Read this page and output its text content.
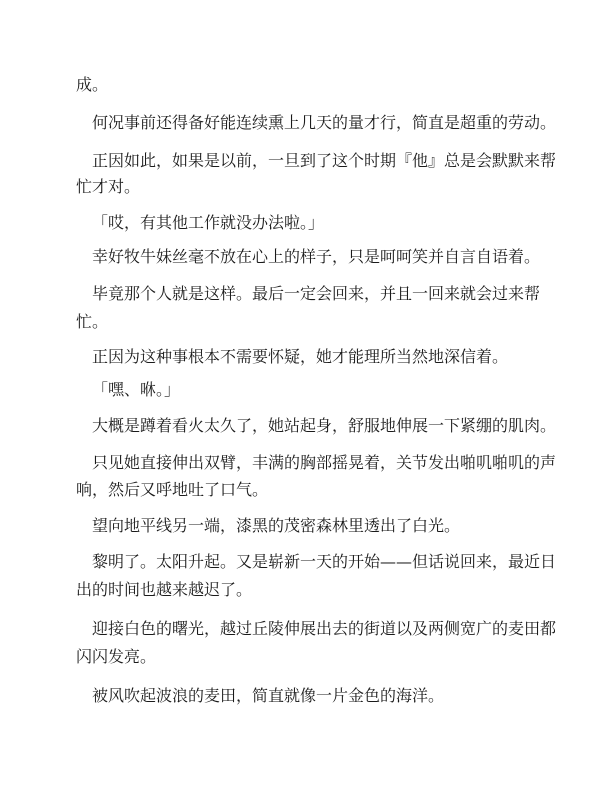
成。

何况事前还得备好能连续熏上几天的量才行，简直是超重的劳动。

正因如此，如果是以前，一旦到了这个时期『他』总是会默默来帮

忙才对。

「哎，有其他工作就没办法啦。」

幸好牧牛妹丝毫不放在心上的样子，只是呵呵笑并自言自语着。

毕竟那个人就是这样。最后一定会回来，并且一回来就会过来帮

忙。

正因为这种事根本不需要怀疑，她才能理所当然地深信着。

「嘿、咻。」

大概是蹲着看火太久了，她站起身，舒服地伸展一下紧绷的肌肉。

只见她直接伸出双臂，丰满的胸部摇晃着，关节发出啪叽啪叽的声

响，然后又呼地吐了口气。

望向地平线另一端，漆黑的茂密森林里透出了白光。

黎明了。太阳升起。又是崭新一天的开始——但话说回来，最近日

出的时间也越来越迟了。

迎接白色的曙光，越过丘陵伸展出去的街道以及两侧宽广的麦田都

闪闪发亮。

被风吹起波浪的麦田，简直就像一片金色的海洋。
